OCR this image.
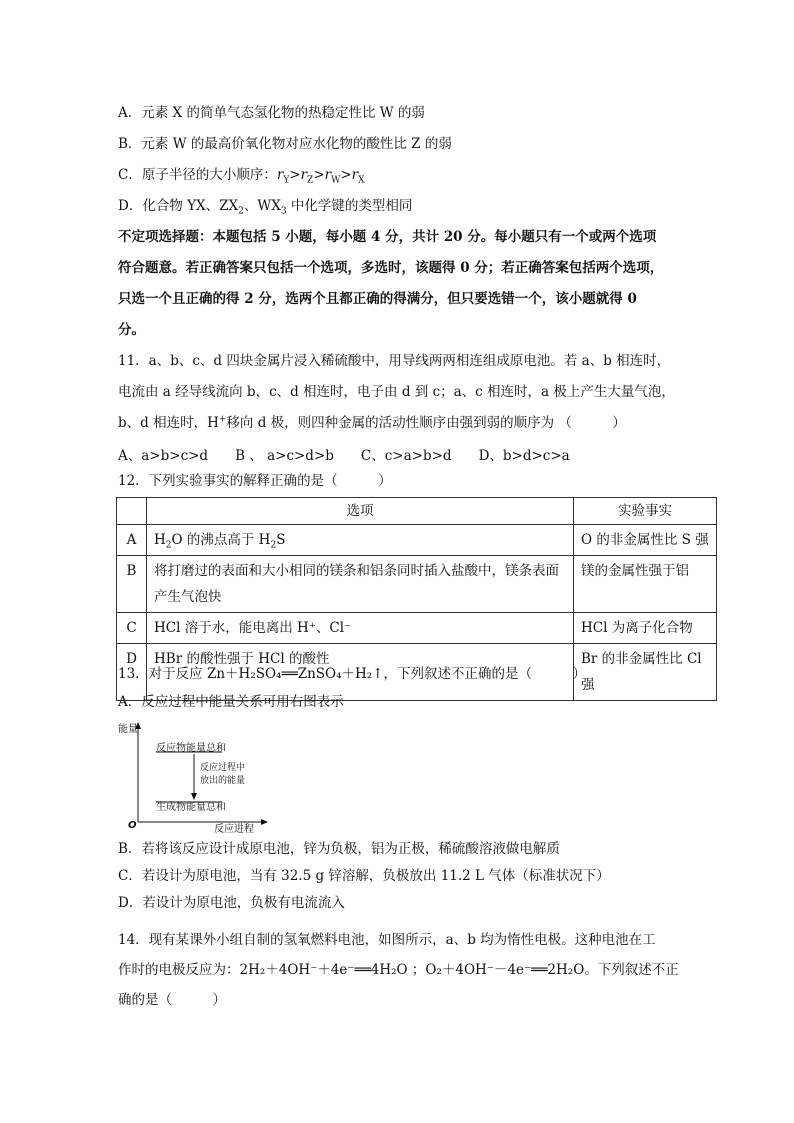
A．元素 X 的简单气态氢化物的热稳定性比 W 的弱
B．元素 W 的最高价氧化物对应水化物的酸性比 Z 的弱
C．原子半径的大小顺序：$r_Y>r_Z>r_W>r_X$
D．化合物 YX、$ZX_2$、$WX_3$ 中化学键的类型相同
不定项选择题：本题包括 5 小题，每小题 4 分，共计 20 分。每小题只有一个或两个选项
符合题意。若正确答案只包括一个选项，多选时，该题得 0 分；若正确答案包括两个选项，
只选一个且正确的得 2 分，选两个且都正确的得满分，但只要选错一个，该小题就得 0
分。
11．a、b、c、d 四块金属片浸入稀硫酸中，用导线两两相连组成原电池。若 a、b 相连时，
电流由 a 经导线流向 b，c、d 相连时，电子由 d 到 c；a、c 相连时，a 极上产生大量气泡，
b、d 相连时，H+移向 d 极，则四种金属的活动性顺序由强到弱的顺序为 （　　　）
A、a>b>c>d　　B 、 a>c>d>b　　C、c>a>b>d　　D、b>d>c>a
12．下列实验事实的解释正确的是（　　　）
	选项	实验事实
A	$H_2O$ 的沸点高于 $H_2S$	O 的非金属性比 S 强
B	将打磨过的表面和大小相同的镁条和铝条同时插入盐酸中，镁条表面产生气泡快	镁的金属性强于铝
C	HCl 溶于水，能电离出 H⁺、Cl⁻	HCl 为离子化合物
D	HBr 的酸性强于 HCl 的酸性	Br 的非金属性比 Cl 强
13．对于反应 Zn＋H₂SO₄══ZnSO₄＋H₂↑，下列叙述不正确的是（　　　）
A．反应过程中能量关系可用右图表示
能量
反应物能量总和
反应过程中
放出的能量
生成物能量总和
O	反应进程
B．若将该反应设计成原电池，锌为负极，铝为正极，稀硫酸溶液做电解质
C．若设计为原电池，当有 32.5 g 锌溶解，负极放出 11.2 L 气体（标准状况下）
D．若设计为原电池，负极有电流流入
14．现有某课外小组自制的氢氧燃料电池，如图所示，a、b 均为惰性电极。这种电池在工
作时的电极反应为：2H₂＋4OH⁻＋4e⁻══4H₂O ；O₂＋4OH⁻－4e⁻══2H₂O。下列叙述不正
确的是（　　　）
